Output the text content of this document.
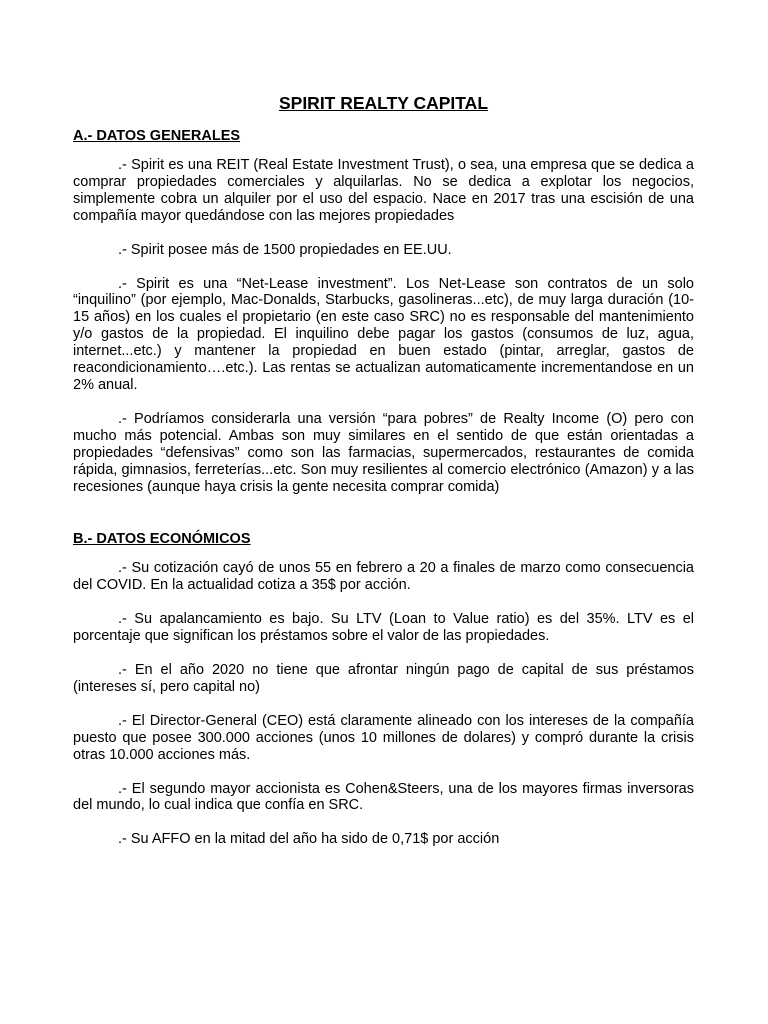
SPIRIT REALTY CAPITAL
A.- DATOS GENERALES

.- Spirit es una REIT (Real Estate Investment Trust), o sea, una empresa que se dedica a comprar propiedades comerciales y alquilarlas. No se dedica a explotar los negocios, simplemente cobra un alquiler por el uso del espacio. Nace en 2017 tras una escisión de una compañía mayor quedándose con las mejores propiedades

.- Spirit posee más de 1500 propiedades en EE.UU.

.- Spirit es una “Net-Lease investment”. Los Net-Lease son contratos de un solo “inquilino” (por ejemplo, Mac-Donalds, Starbucks, gasolineras...etc), de muy larga duración (10-15 años) en los cuales el propietario (en este caso SRC) no es responsable del mantenimiento y/o gastos de la propiedad. El inquilino debe pagar los gastos (consumos de luz, agua, internet...etc.) y mantener la propiedad en buen estado (pintar, arreglar, gastos de reacondicionamiento….etc.). Las rentas se actualizan automaticamente incrementandose en un 2% anual.

.- Podríamos considerarla una versión “para pobres” de Realty Income (O) pero con mucho más potencial. Ambas son muy similares en el sentido de que están orientadas a propiedades “defensivas” como son las farmacias, supermercados, restaurantes de comida rápida, gimnasios, ferreterías...etc. Son muy resilientes al comercio electrónico (Amazon) y a las recesiones (aunque haya crisis la gente necesita comprar comida)

B.- DATOS ECONÓMICOS

.- Su cotización cayó de unos 55 en febrero a 20 a finales de marzo como consecuencia del COVID. En la actualidad cotiza a 35$ por acción.

.- Su apalancamiento es bajo. Su LTV (Loan to Value ratio) es del 35%. LTV es el porcentaje que significan los préstamos sobre el valor de las propiedades.

.- En el año 2020 no tiene que afrontar ningún pago de capital de sus préstamos (intereses sí, pero capital no)

.- El Director-General (CEO) está claramente alineado con los intereses de la compañía puesto que posee 300.000 acciones (unos 10 millones de dolares) y compró durante la crisis otras 10.000 acciones más.

.- El segundo mayor accionista es Cohen&Steers, una de los mayores firmas inversoras del mundo, lo cual indica que confía en SRC.

.- Su AFFO en la mitad del año ha sido de 0,71$ por acción
